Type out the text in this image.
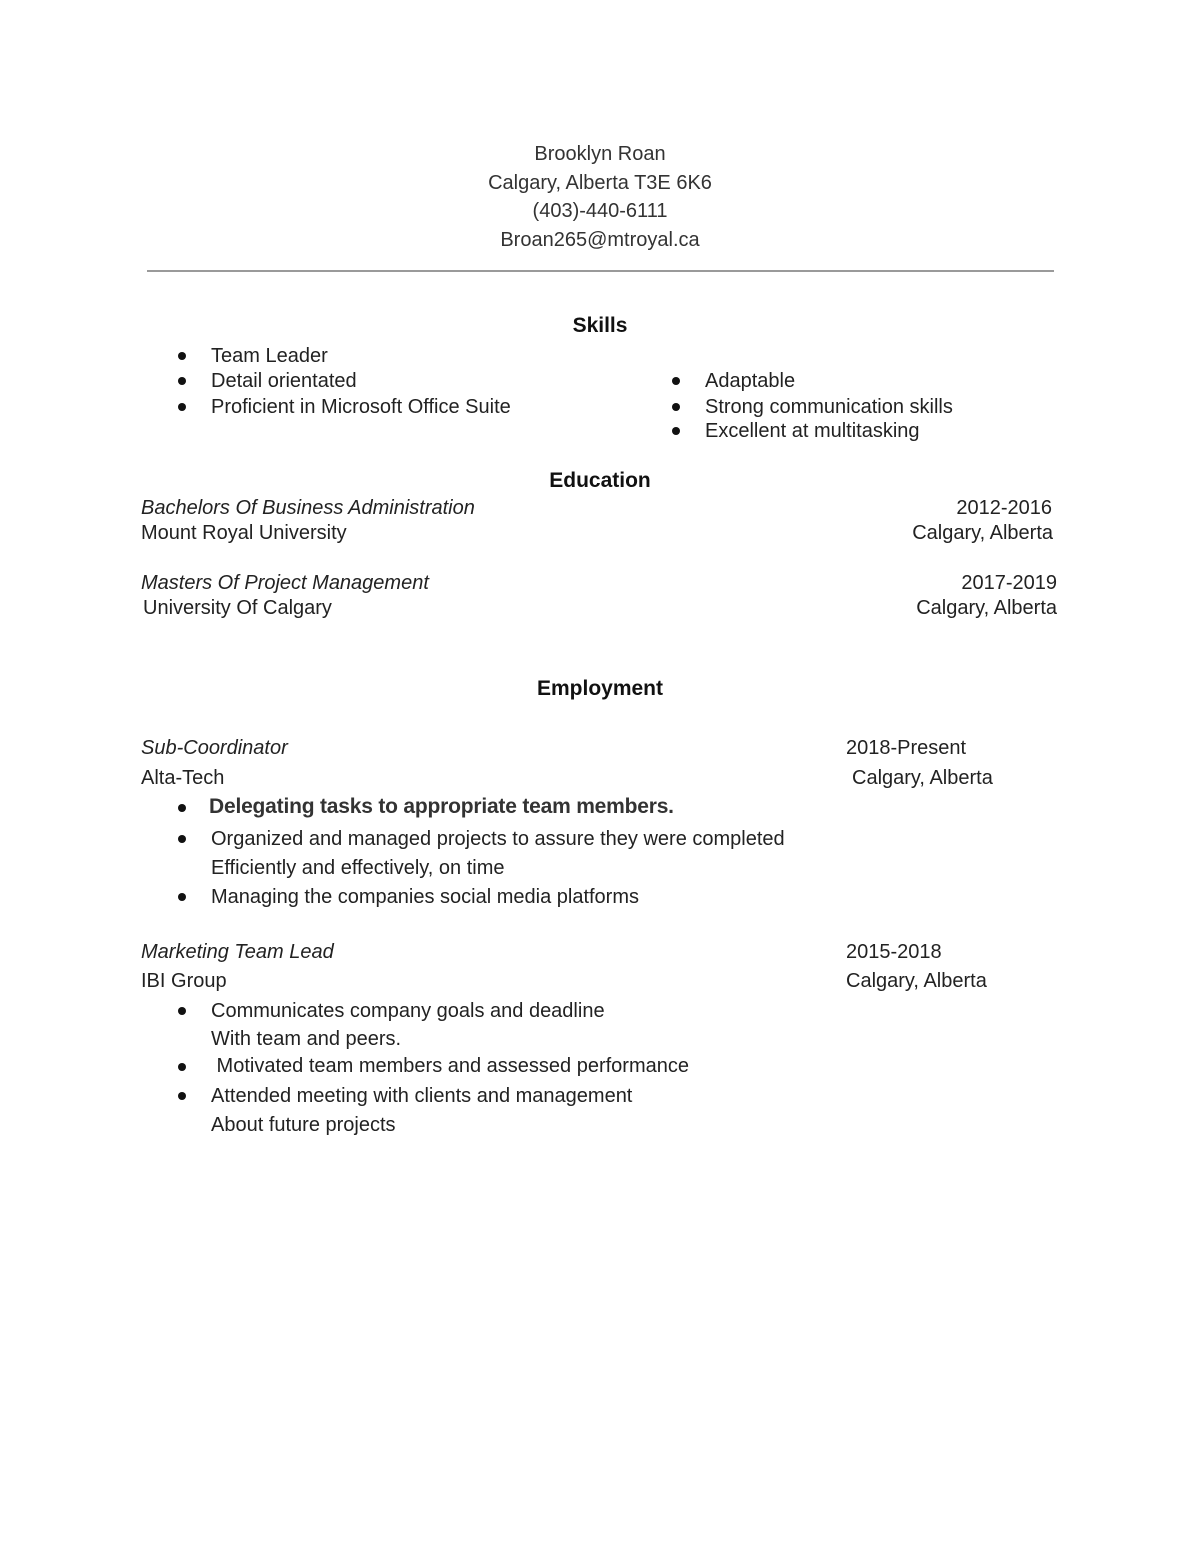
Brooklyn Roan
Calgary, Alberta T3E 6K6
(403)-440-6111
Broan265@mtroyal.ca
Skills
Team Leader
Detail orientated
Proficient in Microsoft Office Suite
Adaptable
Strong communication skills
Excellent at multitasking
Education
Bachelors Of Business Administration	2012-2016
Mount Royal University	Calgary, Alberta
Masters Of Project Management	2017-2019
University Of Calgary	Calgary, Alberta
Employment
Sub-Coordinator	2018-Present
Alta-Tech	Calgary, Alberta
Delegating tasks to appropriate team members.
Organized and managed projects to assure they were completed
Efficiently and effectively, on time
Managing the companies social media platforms
Marketing Team Lead	2015-2018
IBI Group	Calgary, Alberta
Communicates company goals and deadline
With team and peers.
Motivated team members and assessed performance
Attended meeting with clients and management
About future projects
